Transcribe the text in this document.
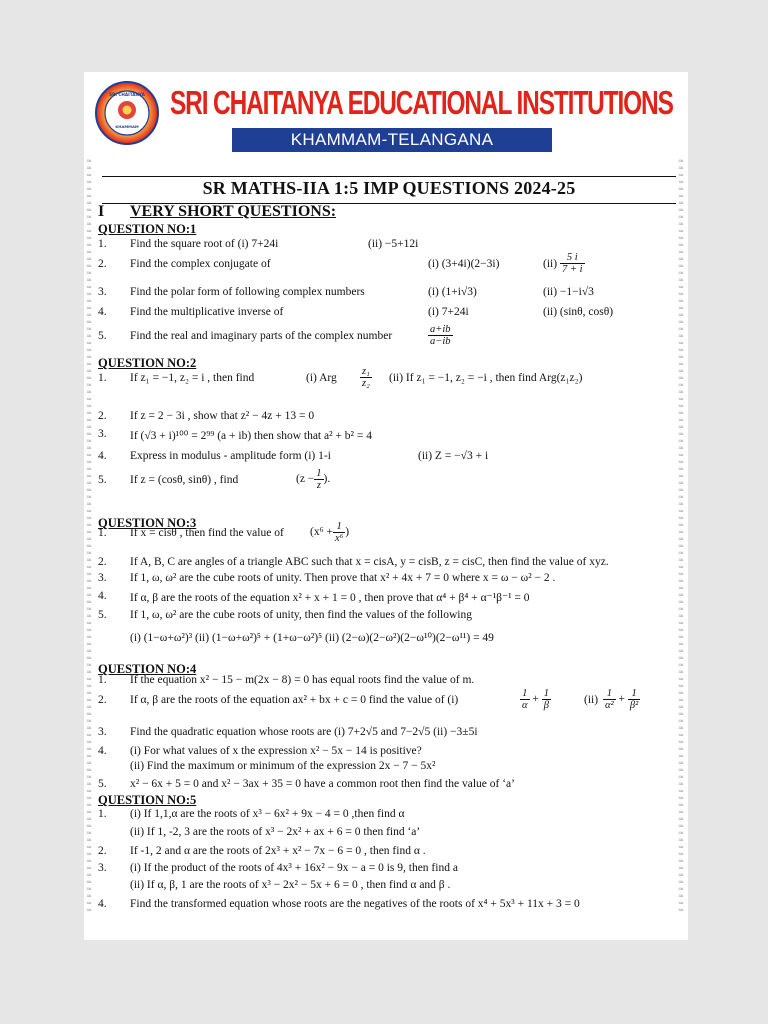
≈
≈
≈
≈
≈
≈
≈
≈
≈
≈
≈
≈
≈
≈
≈
≈
≈
≈
≈
≈
≈
≈
≈
≈
≈
≈
≈
≈
≈
≈
≈
≈
≈
≈
≈
≈
≈
≈
≈
≈
≈
≈
≈
≈
≈
≈
≈
≈
≈
≈
≈
≈
≈
≈
≈
≈
≈
≈
≈
≈
≈
≈
≈
≈
≈
≈
≈
≈
≈
≈
≈
≈
≈
≈
≈
≈
≈
≈
≈
≈
≈
≈
≈
≈
≈
≈
≈
≈
≈
≈
≈
≈
≈
≈
≈
≈
≈
≈
≈
≈
≈
≈
≈
≈
≈
≈
≈
≈
≈
≈
≈
≈
≈
≈
≈
≈
≈
≈
≈
≈
≈
≈
≈
≈
≈
≈
≈
≈
≈
≈
≈
≈
≈
≈
≈
≈
≈
≈
≈
≈
≈
≈
≈
≈
≈
≈
≈
≈
≈
≈
≈
≈
≈
≈
≈
≈
≈
≈
≈
≈
≈
≈
≈
≈
≈
≈
≈
≈
≈
≈
≈
≈
≈
≈
≈
≈
≈
≈
≈
≈
≈
≈
≈
≈
≈
≈
≈
≈
≈
≈
≈
≈
≈
≈
≈
≈
≈
≈
≈
≈
≈
≈
≈
≈
≈
≈
≈
≈
≈
≈
≈
≈
≈
≈
≈
≈
SRI CHAITANYA
KHAMMAM
SRI CHAITANYA EDUCATIONAL INSTITUTIONS
KHAMMAM-TELANGANA
SR MATHS-IIA 1:5 IMP QUESTIONS 2024-25
I VERY SHORT QUESTIONS:
QUESTION NO:1
1. Find the square root of (i) 7+24i	(ii) −5+12i
2. Find the complex conjugate of	(i) (3+4i)(2−3i)	$(ii) \frac{5 i}{7 + i}$
3. Find the polar form of following complex numbers	(i) (1+i√3)	(ii) −1−i√3
4. Find the multiplicative inverse of	(i) 7+24i	(ii) (sinθ, cosθ)
5. Find the real and imaginary parts of the complex number	$\frac{a+ib}{a-ib}$
QUESTION NO:2
1. If z₁ = −1, z₂ = i , then find	(i) Arg	(ii) If z₁ = −1, z₂ = −i , then find Arg(z₁z₂)
$\frac{\text{z₁}}{\text{z₂}}$
2. If z = 2 − 3i , show that z² − 4z + 13 = 0
3. If (√3 + i)¹⁰⁰ = 2⁹⁹ (a + ib) then show that a² + b² = 4
4. Express in modulus - amplitude form (i) 1-i	(ii) Z = −√3 + i
5. If z = (cosθ, sinθ) , find	($z - \frac{1}{z}$ ).
QUESTION NO:3
1. If x = cisθ , then find the value of ($x^6 + \frac{1}{\text{x⁶}}$ )
2. If A, B, C are angles of a triangle ABC such that x = cisA, y = cisB, z = cisC, then find the value of xyz.
3. If 1, ω, ω² are the cube roots of unity. Then prove that x² + 4x + 7 = 0 where x = ω − ω² − 2 .
4. If α, β are the roots of the equation x² + x + 1 = 0 , then prove that α⁴ + β⁴ + α⁻¹β⁻¹ = 0
5. If 1, ω, ω² are the cube roots of unity, then find the values of the following
(i) (1−ω+ω²)³ (ii) (1−ω+ω²)⁵ + (1+ω−ω²)⁵ (ii) (2−ω)(2−ω²)(2−ω¹⁰)(2−ω¹¹) = 49
QUESTION NO:4
1. If the equation x² − 15 − m(2x − 8) = 0 has equal roots find the value of m.
2. If α, β are the roots of the equation ax² + bx + c = 0 find the value of (i)	(ii)
$\frac{1}{\alpha} + \frac{1}{\beta}$	$\frac{1}{\text{α²}} + \frac{1}{\text{β²}}$
3. Find the quadratic equation whose roots are (i) 7+2√5 and 7−2√5 (ii) −3±5i
4. (i) For what values of x the expression x² − 5x − 14 is positive?
(ii) Find the maximum or minimum of the expression 2x − 7 − 5x²
5. x² − 6x + 5 = 0 and x² − 3ax + 35 = 0 have a common root then find the value of ‘a’
QUESTION NO:5
1. (i) If 1,1,α are the roots of x³ − 6x² + 9x − 4 = 0 ,then find α
(ii) If 1, -2, 3 are the roots of x³ − 2x² + ax + 6 = 0 then find ‘a’
2. If -1, 2 and α are the roots of 2x³ + x² − 7x − 6 = 0 , then find α .
3. (i) If the product of the roots of 4x³ + 16x² − 9x − a = 0 is 9, then find a
(ii) If α, β, 1 are the roots of x³ − 2x² − 5x + 6 = 0 , then find α and β .
4. Find the transformed equation whose roots are the negatives of the roots of x⁴ + 5x³ + 11x + 3 = 0
